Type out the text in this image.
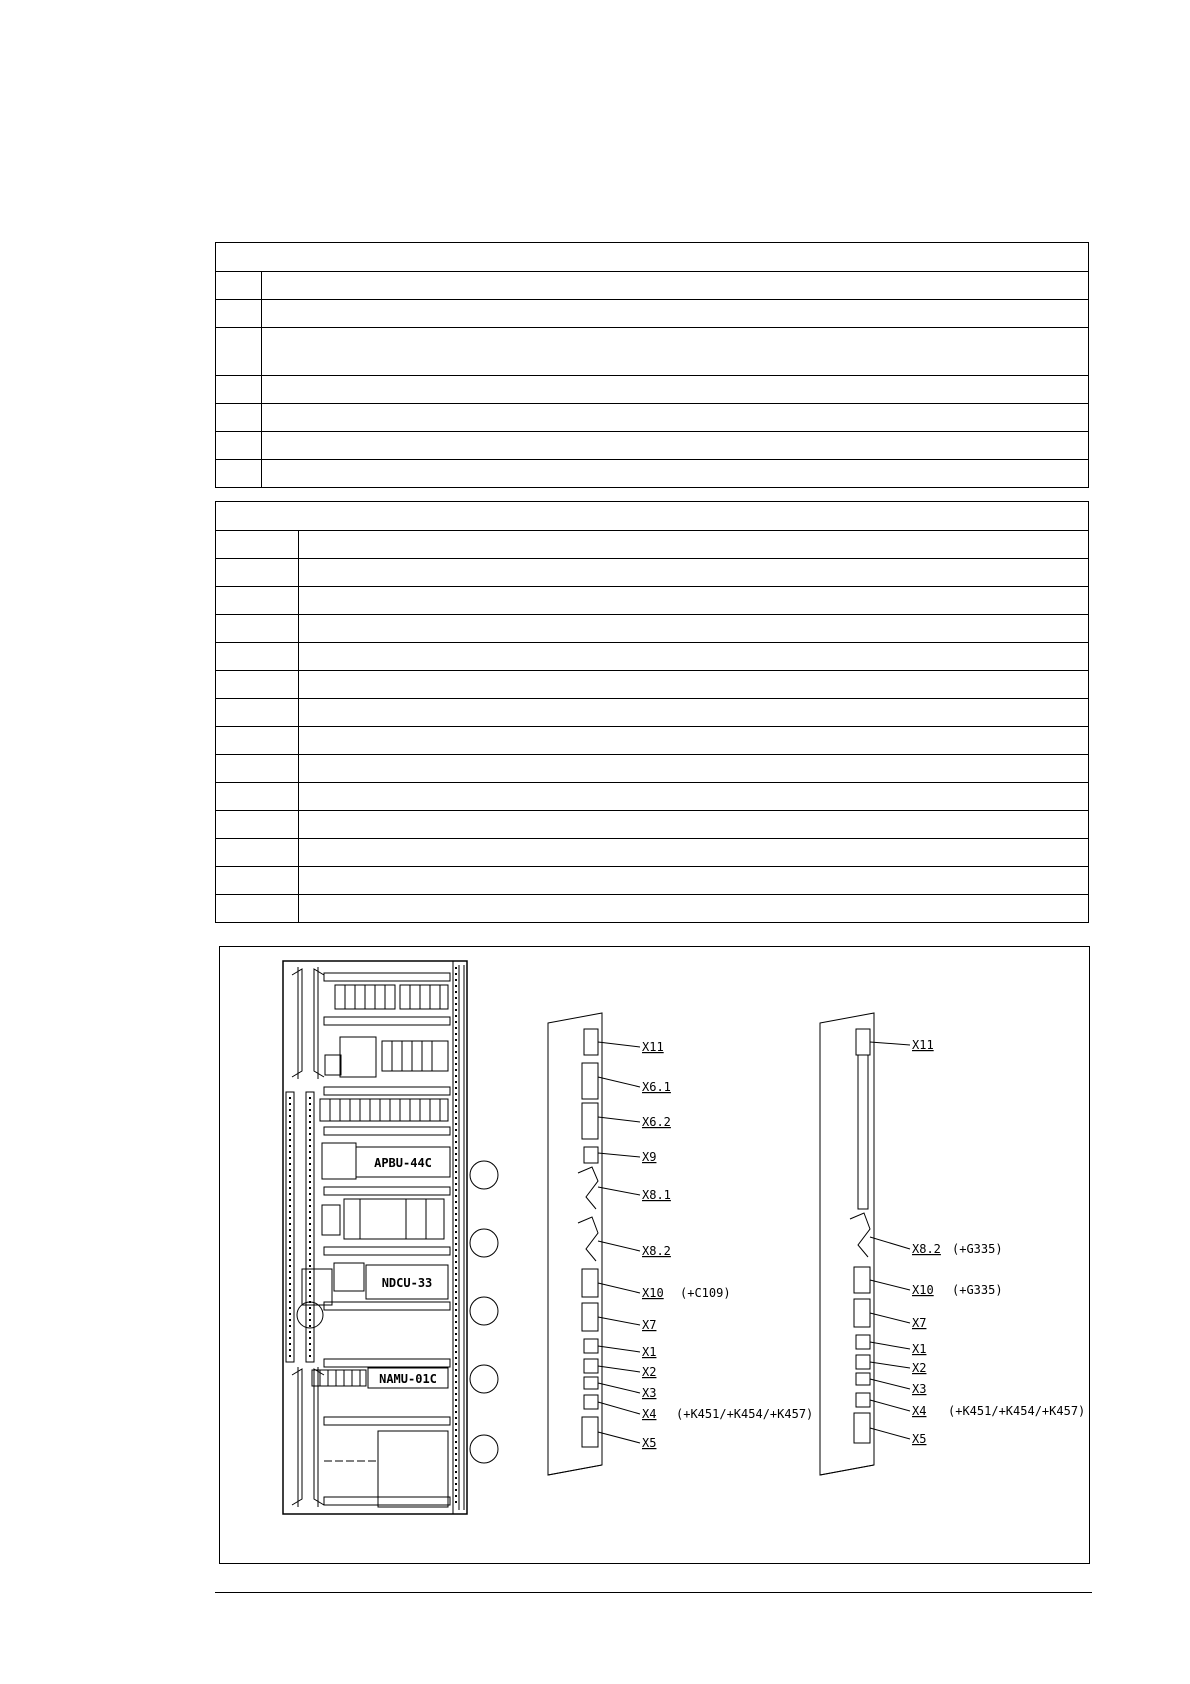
APBU-44C
NDCU-33
NAMU-01C
X11
X6.1
X6.2
X9
X8.1
X8.2
X10 (+C109)
X7
X1
X2
X3
X4 (+K451/+K454/+K457)
X5
X11
X8.2 (+G335)
X10 (+G335)
X7
X1
X2
X3
X4 (+K451/+K454/+K457)
X5
